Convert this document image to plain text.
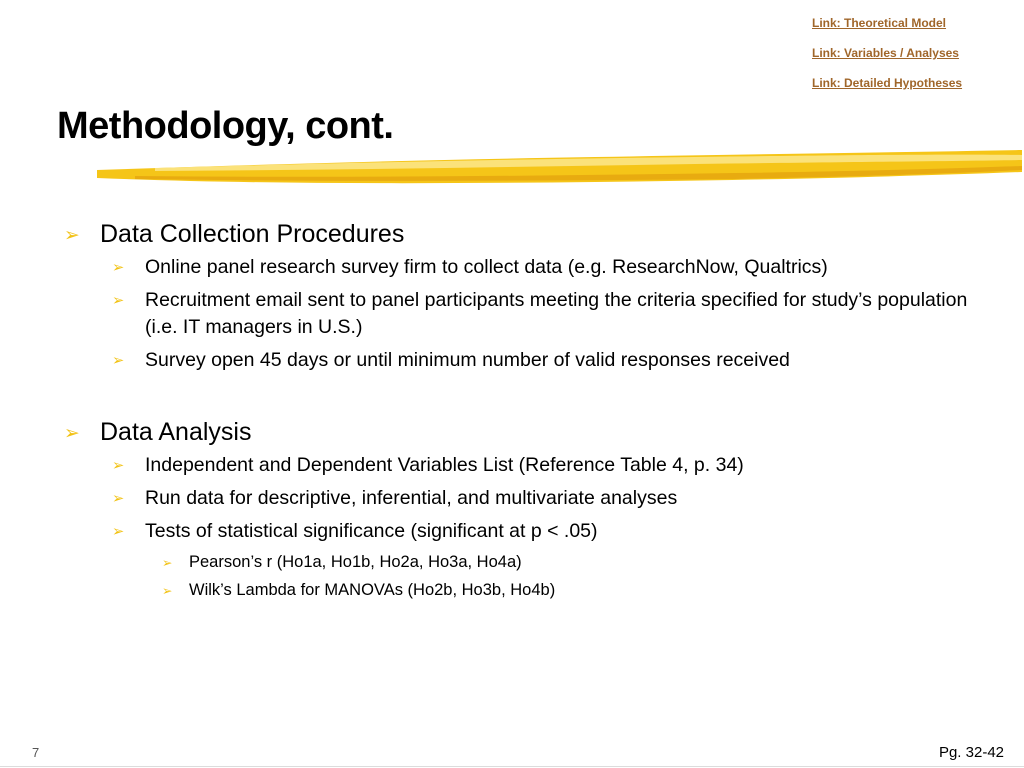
Link: Theoretical Model
Link: Variables / Analyses
Link: Detailed Hypotheses
Methodology, cont.
➢ Data Collection Procedures
➢ Online panel research survey firm to collect data (e.g. ResearchNow, Qualtrics)
➢ Recruitment email sent to panel participants meeting the criteria specified for study’s population (i.e. IT managers in U.S.)
➢ Survey open 45 days or until minimum number of valid responses received
➢ Data Analysis
➢ Independent and Dependent Variables List (Reference Table 4, p. 34)
➢ Run data for descriptive, inferential, and multivariate analyses
➢ Tests of statistical significance (significant at p < .05)
➢ Pearson’s r (Ho1a, Ho1b, Ho2a, Ho3a, Ho4a)
➢ Wilk’s Lambda for MANOVAs (Ho2b, Ho3b, Ho4b)
7	Pg. 32-42
